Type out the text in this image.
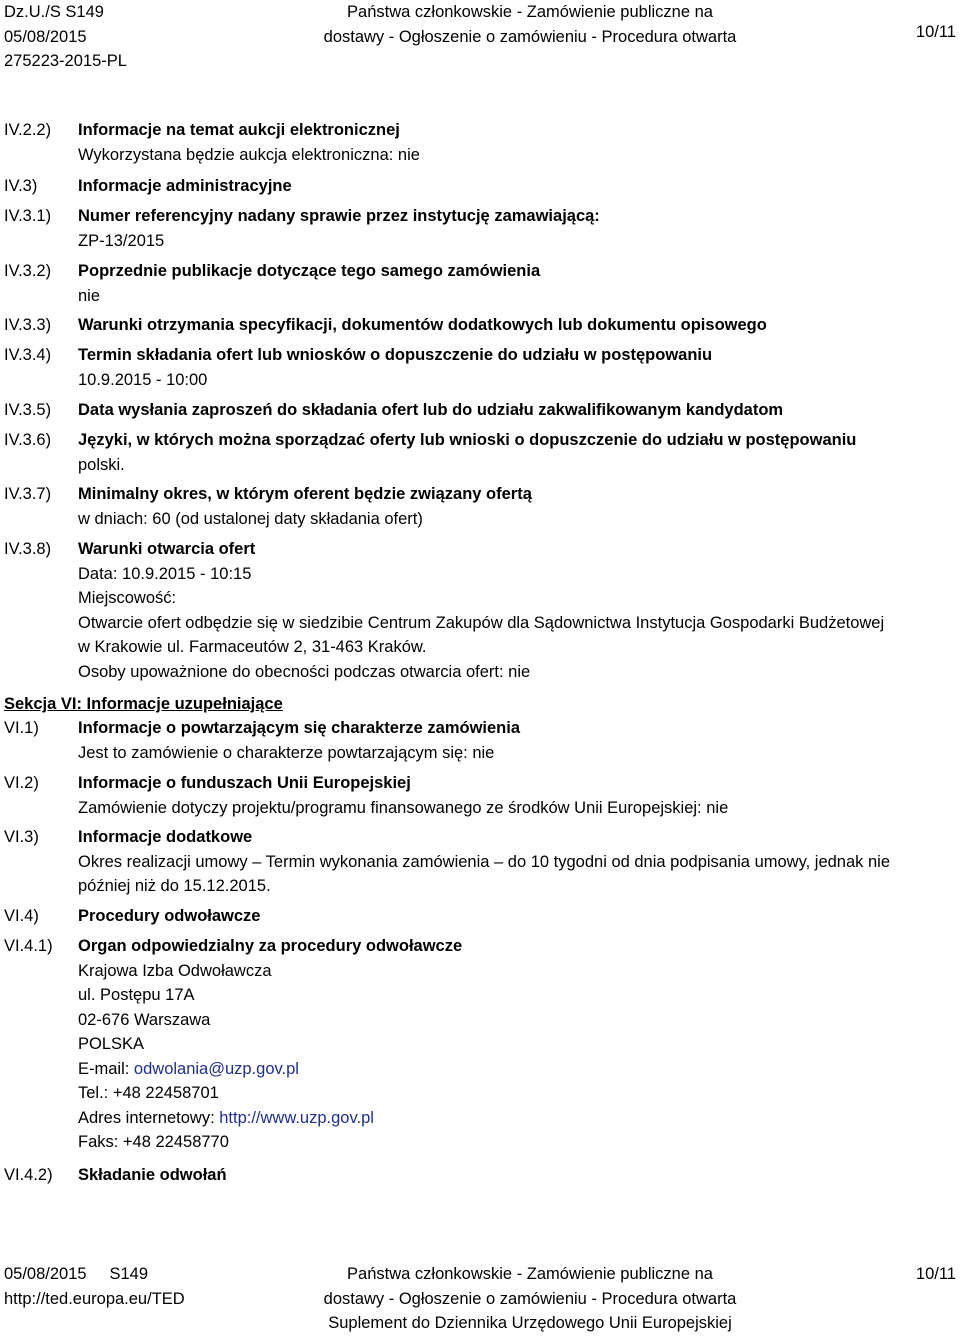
Dz.U./S S149
05/08/2015
275223-2015-PL
Państwa członkowskie - Zamówienie publiczne na
dostawy - Ogłoszenie o zamówieniu - Procedura otwarta	10/11
IV.2.2) Informacje na temat aukcji elektronicznej
Wykorzystana będzie aukcja elektroniczna: nie
IV.3) Informacje administracyjne
IV.3.1) Numer referencyjny nadany sprawie przez instytucję zamawiającą:
ZP-13/2015
IV.3.2) Poprzednie publikacje dotyczące tego samego zamówienia
nie
IV.3.3) Warunki otrzymania specyfikacji, dokumentów dodatkowych lub dokumentu opisowego
IV.3.4) Termin składania ofert lub wniosków o dopuszczenie do udziału w postępowaniu
10.9.2015 - 10:00
IV.3.5) Data wysłania zaproszeń do składania ofert lub do udziału zakwalifikowanym kandydatom
IV.3.6) Języki, w których można sporządzać oferty lub wnioski o dopuszczenie do udziału w postępowaniu
polski.
IV.3.7) Minimalny okres, w którym oferent będzie związany ofertą
w dniach: 60 (od ustalonej daty składania ofert)
IV.3.8) Warunki otwarcia ofert
Data: 10.9.2015 - 10:15
Miejscowość:
Otwarcie ofert odbędzie się w siedzibie Centrum Zakupów dla Sądownictwa Instytucja Gospodarki Budżetowej
w Krakowie ul. Farmaceutów 2, 31-463 Kraków.
Osoby upoważnione do obecności podczas otwarcia ofert: nie
Sekcja VI: Informacje uzupełniające
VI.1) Informacje o powtarzającym się charakterze zamówienia
Jest to zamówienie o charakterze powtarzającym się: nie
VI.2) Informacje o funduszach Unii Europejskiej
Zamówienie dotyczy projektu/programu finansowanego ze środków Unii Europejskiej: nie
VI.3) Informacje dodatkowe
Okres realizacji umowy – Termin wykonania zamówienia – do 10 tygodni od dnia podpisania umowy, jednak nie
później niż do 15.12.2015.
VI.4) Procedury odwoławcze
VI.4.1) Organ odpowiedzialny za procedury odwoławcze
Krajowa Izba Odwoławcza
ul. Postępu 17A
02-676 Warszawa
POLSKA
E-mail: odwolania@uzp.gov.pl
Tel.: +48 22458701
Adres internetowy: http://www.uzp.gov.pl
Faks: +48 22458770
VI.4.2) Składanie odwołań
05/08/2015     S149
http://ted.europa.eu/TED
Państwa członkowskie - Zamówienie publiczne na
dostawy - Ogłoszenie o zamówieniu - Procedura otwarta
Suplement do Dziennika Urzędowego Unii Europejskiej
10/11
